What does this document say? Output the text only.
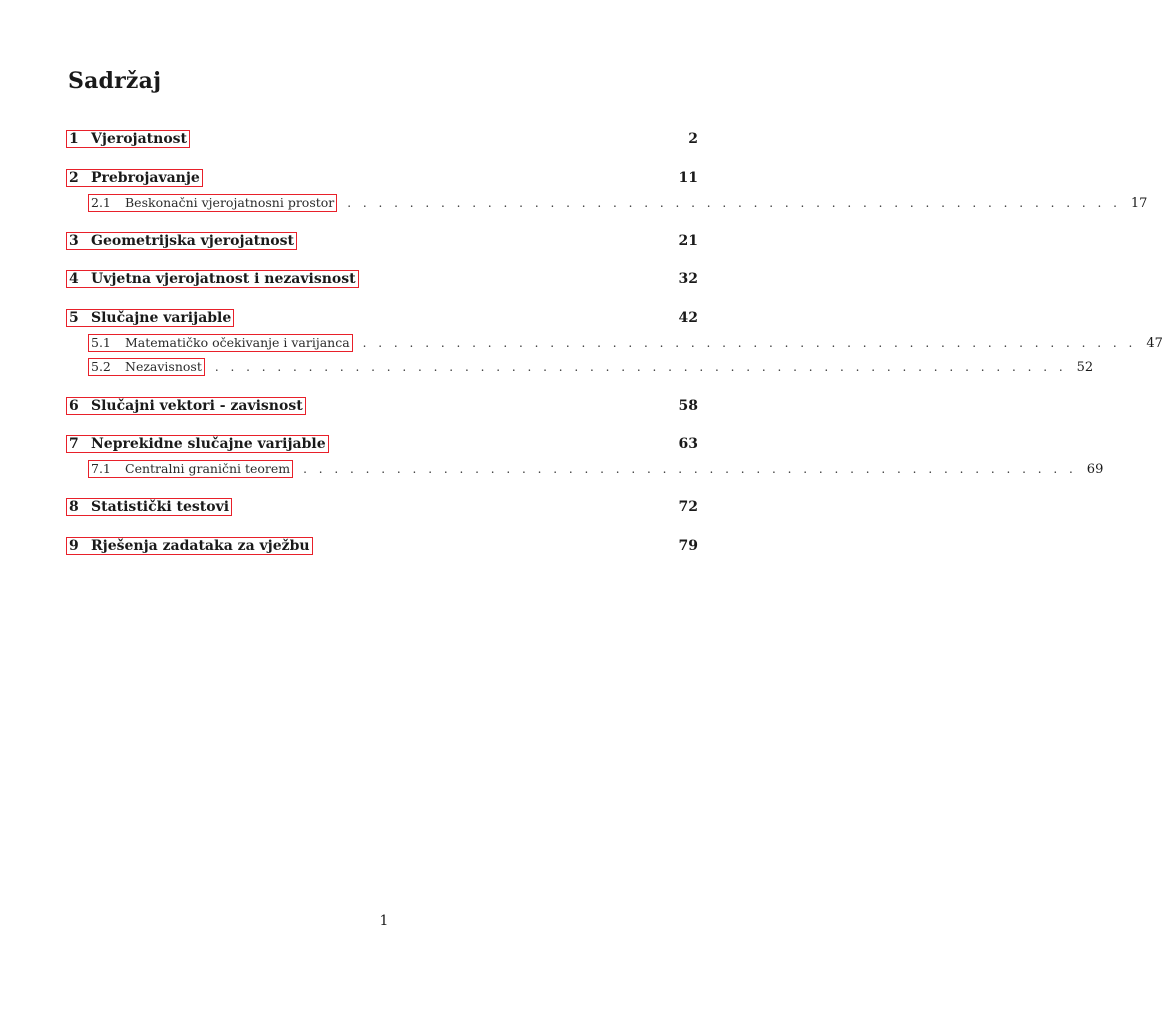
Sadržaj
1 Vjerojatnost	2
2 Prebrojavanje	11
2.1 Beskonačni vjerojatnosni prostor . . . . . . . . . . . . . . . . . . . . . . . . . . . . . . . . . . . . . . . . . . . . . . . . . . 17
3 Geometrijska vjerojatnost	21
4 Uvjetna vjerojatnost i nezavisnost	32
5 Slučajne varijable	42
5.1 Matematičko očekivanje i varijanca . . . . . . . . . . . . . . . . . . . . . . . . . . . . . . . . . . . . . . . . . . . . . . . . . . 47
5.2 Nezavisnost . . . . . . . . . . . . . . . . . . . . . . . . . . . . . . . . . . . . . . . . . . . . . . . . . . . . . . . 52
6 Slučajni vektori - zavisnost	58
7 Neprekidne slučajne varijable	63
7.1 Centralni granični teorem . . . . . . . . . . . . . . . . . . . . . . . . . . . . . . . . . . . . . . . . . . . . . . . . . . 69
8 Statistički testovi	72
9 Rješenja zadataka za vježbu	79
1
